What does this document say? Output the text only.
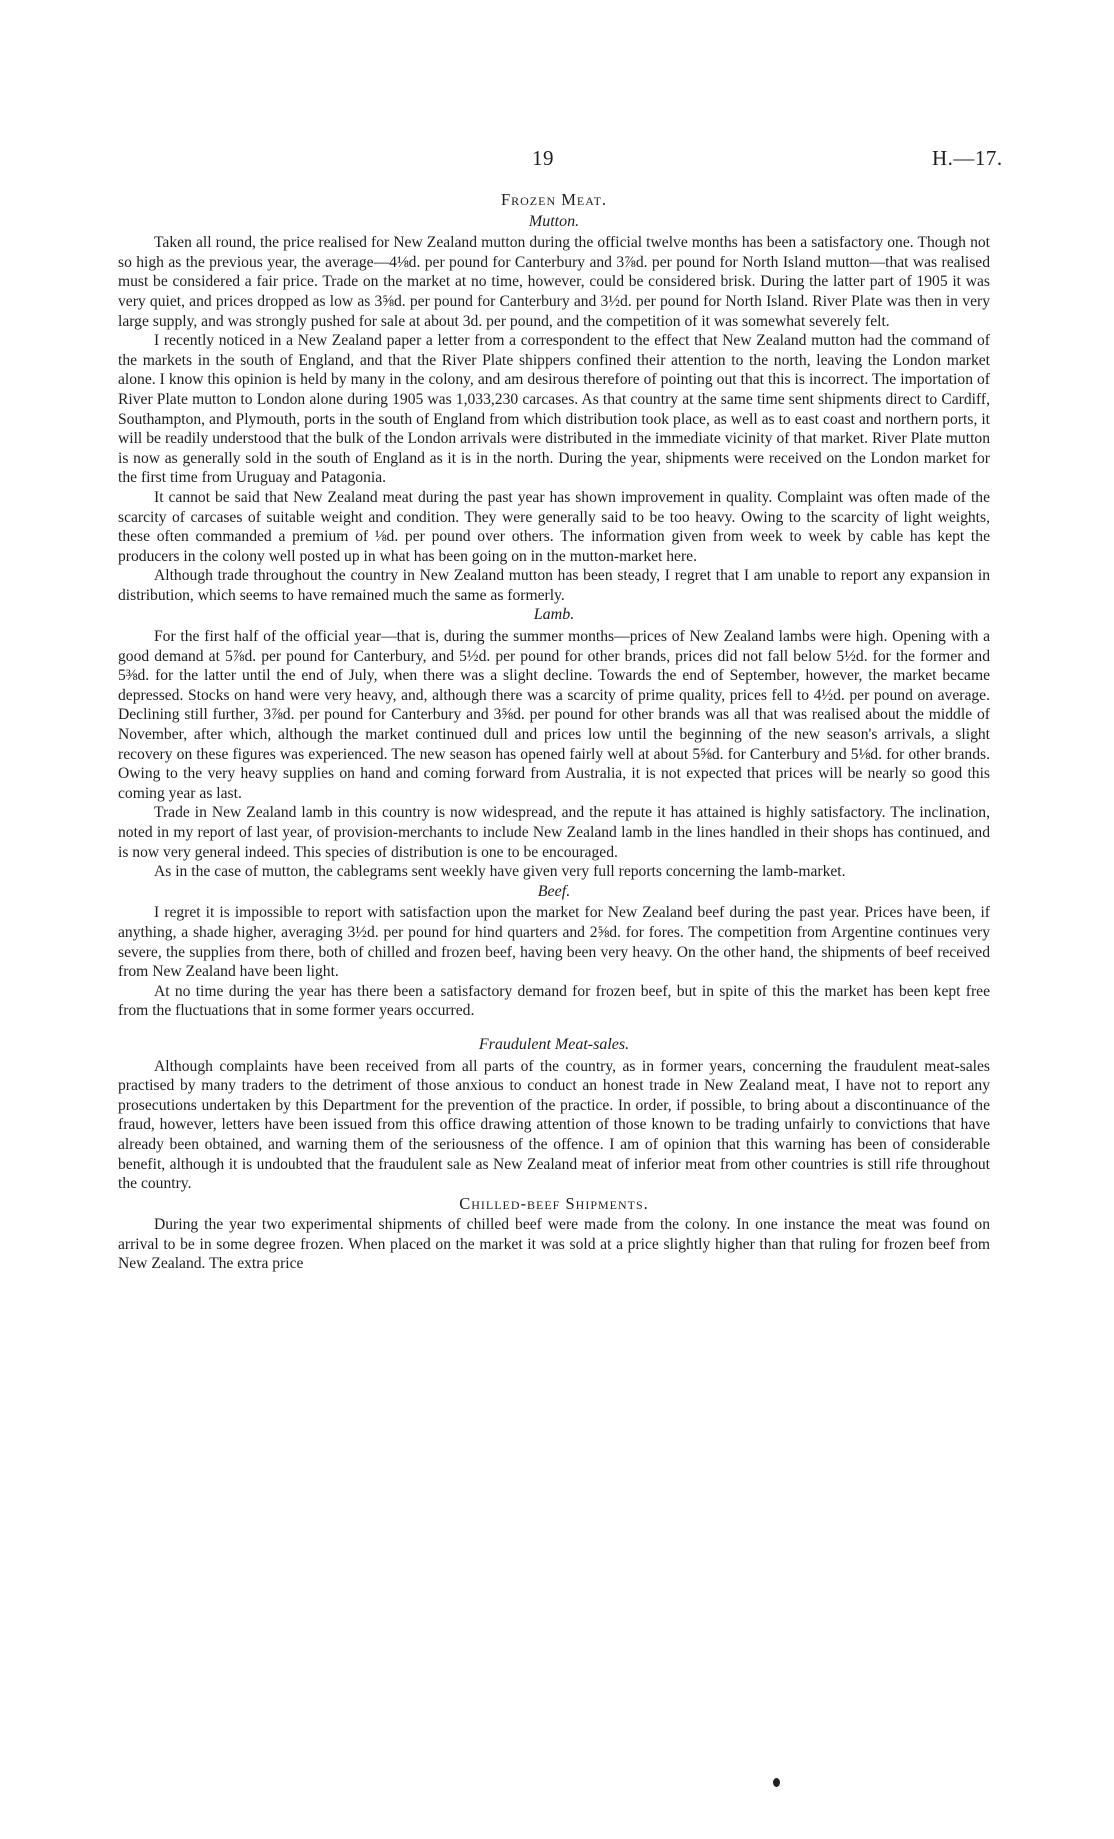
19	H.—17.
Frozen Meat.
Mutton.

Taken all round, the price realised for New Zealand mutton during the official twelve months has been a satisfactory one. Though not so high as the previous year, the average—4⅛d. per pound for Canterbury and 3⅞d. per pound for North Island mutton—that was realised must be considered a fair price. Trade on the market at no time, however, could be considered brisk. During the latter part of 1905 it was very quiet, and prices dropped as low as 3⅝d. per pound for Canterbury and 3½d. per pound for North Island. River Plate was then in very large supply, and was strongly pushed for sale at about 3d. per pound, and the competition of it was somewhat severely felt.

I recently noticed in a New Zealand paper a letter from a correspondent to the effect that New Zealand mutton had the command of the markets in the south of England, and that the River Plate shippers confined their attention to the north, leaving the London market alone. I know this opinion is held by many in the colony, and am desirous therefore of pointing out that this is incorrect. The importation of River Plate mutton to London alone during 1905 was 1,033,230 carcases. As that country at the same time sent shipments direct to Cardiff, Southampton, and Plymouth, ports in the south of England from which distribution took place, as well as to east coast and northern ports, it will be readily understood that the bulk of the London arrivals were distributed in the immediate vicinity of that market. River Plate mutton is now as generally sold in the south of England as it is in the north. During the year, shipments were received on the London market for the first time from Uruguay and Patagonia.

It cannot be said that New Zealand meat during the past year has shown improvement in quality. Complaint was often made of the scarcity of carcases of suitable weight and condition. They were generally said to be too heavy. Owing to the scarcity of light weights, these often commanded a premium of ⅛d. per pound over others. The information given from week to week by cable has kept the producers in the colony well posted up in what has been going on in the mutton-market here.

Although trade throughout the country in New Zealand mutton has been steady, I regret that I am unable to report any expansion in distribution, which seems to have remained much the same as formerly.

Lamb.

For the first half of the official year—that is, during the summer months—prices of New Zealand lambs were high. Opening with a good demand at 5⅞d. per pound for Canterbury, and 5½d. per pound for other brands, prices did not fall below 5½d. for the former and 5⅜d. for the latter until the end of July, when there was a slight decline. Towards the end of September, however, the market became depressed. Stocks on hand were very heavy, and, although there was a scarcity of prime quality, prices fell to 4½d. per pound on average. Declining still further, 3⅞d. per pound for Canterbury and 3⅝d. per pound for other brands was all that was realised about the middle of November, after which, although the market continued dull and prices low until the beginning of the new season's arrivals, a slight recovery on these figures was experienced. The new season has opened fairly well at about 5⅝d. for Canterbury and 5⅛d. for other brands. Owing to the very heavy supplies on hand and coming forward from Australia, it is not expected that prices will be nearly so good this coming year as last.

Trade in New Zealand lamb in this country is now widespread, and the repute it has attained is highly satisfactory. The inclination, noted in my report of last year, of provision-merchants to include New Zealand lamb in the lines handled in their shops has continued, and is now very general indeed. This species of distribution is one to be encouraged.

As in the case of mutton, the cablegrams sent weekly have given very full reports concerning the lamb-market.

Beef.

I regret it is impossible to report with satisfaction upon the market for New Zealand beef during the past year. Prices have been, if anything, a shade higher, averaging 3½d. per pound for hind quarters and 2⅝d. for fores. The competition from Argentine continues very severe, the supplies from there, both of chilled and frozen beef, having been very heavy. On the other hand, the shipments of beef received from New Zealand have been light.

At no time during the year has there been a satisfactory demand for frozen beef, but in spite of this the market has been kept free from the fluctuations that in some former years occurred.

Fraudulent Meat-sales.

Although complaints have been received from all parts of the country, as in former years, concerning the fraudulent meat-sales practised by many traders to the detriment of those anxious to conduct an honest trade in New Zealand meat, I have not to report any prosecutions undertaken by this Department for the prevention of the practice. In order, if possible, to bring about a discontinuance of the fraud, however, letters have been issued from this office drawing attention of those known to be trading unfairly to convictions that have already been obtained, and warning them of the seriousness of the offence. I am of opinion that this warning has been of considerable benefit, although it is undoubted that the fraudulent sale as New Zealand meat of inferior meat from other countries is still rife throughout the country.

Chilled-beef Shipments.

During the year two experimental shipments of chilled beef were made from the colony. In one instance the meat was found on arrival to be in some degree frozen. When placed on the market it was sold at a price slightly higher than that ruling for frozen beef from New Zealand. The extra price
